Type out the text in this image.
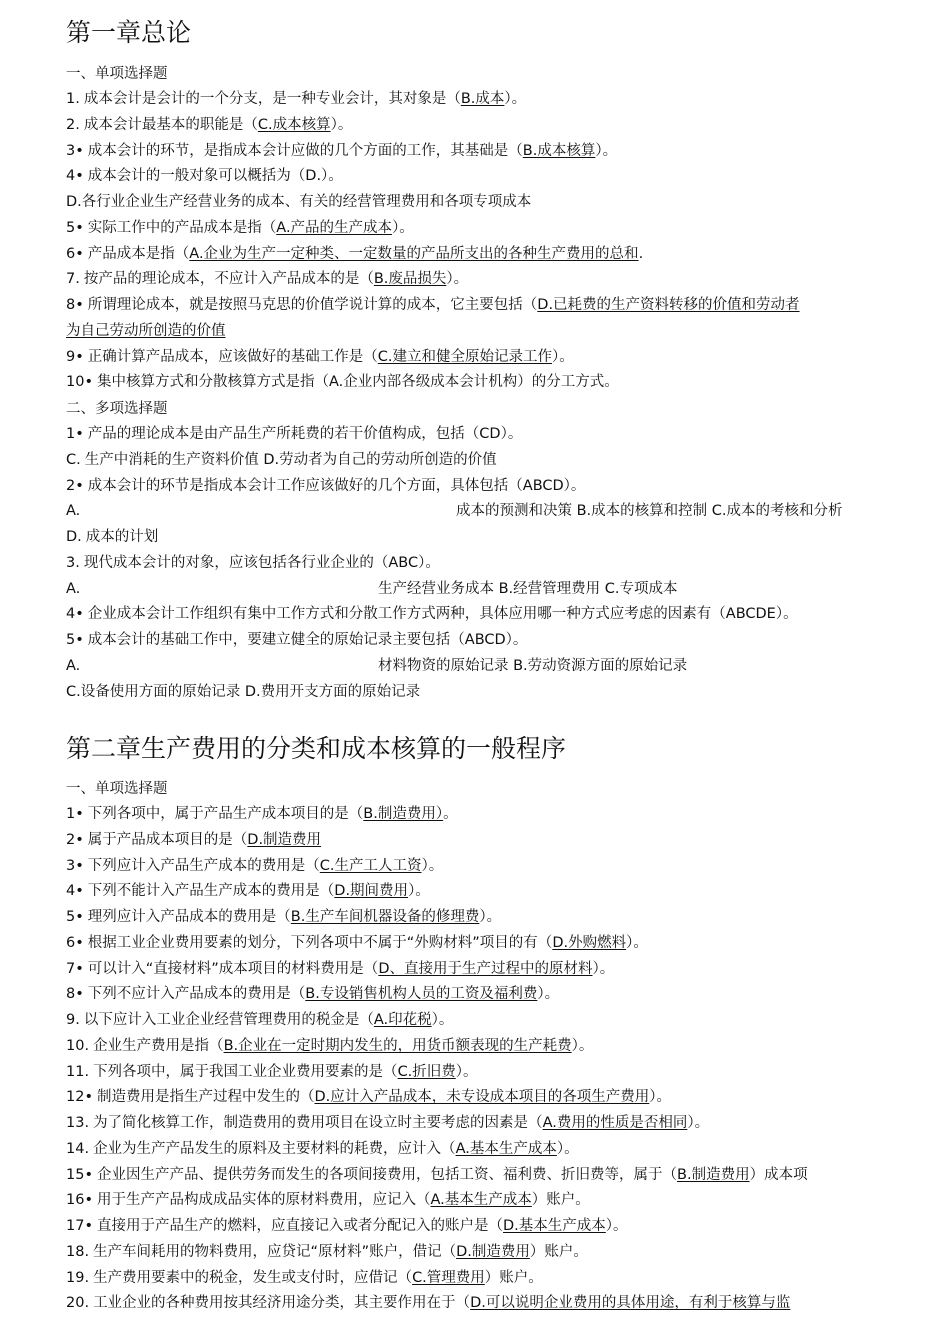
第一章总论
一、单项选择题
1. 成本会计是会计的一个分支，是一种专业会计，其对象是（B.成本）。
2. 成本会计最基本的职能是（C.成本核算）。
3• 成本会计的环节，是指成本会计应做的几个方面的工作，其基础是（B.成本核算）。
4• 成本会计的一般对象可以概括为（D.）。
D.各行业企业生产经营业务的成本、有关的经营管理费用和各项专项成本
5• 实际工作中的产品成本是指（A.产品的生产成本）。
6• 产品成本是指（A.企业为生产一定种类、一定数量的产品所支出的各种生产费用的总和.
7. 按产品的理论成本，不应计入产品成本的是（B.废品损失）。
8• 所谓理论成本，就是按照马克思的价值学说计算的成本，它主要包括（D.已耗费的生产资料转移的价值和劳动者
为自己劳动所创造的价值
9• 正确计算产品成本，应该做好的基础工作是（C.建立和健全原始记录工作）。
10• 集中核算方式和分散核算方式是指（A.企业内部各级成本会计机构）的分工方式。
二、多项选择题
1• 产品的理论成本是由产品生产所耗费的若干价值构成，包括（CD）。
C. 生产中消耗的生产资料价值 D.劳动者为自己的劳动所创造的价值
2• 成本会计的环节是指成本会计工作应该做好的几个方面，具体包括（ABCD）。
A.	成本的预测和决策 B.成本的核算和控制 C.成本的考核和分析
D. 成本的计划
3. 现代成本会计的对象，应该包括各行业企业的（ABC）。
A.	生产经营业务成本 B.经营管理费用 C.专项成本
4• 企业成本会计工作组织有集中工作方式和分散工作方式两种，具体应用哪一种方式应考虑的因素有（ABCDE）。
5• 成本会计的基础工作中，要建立健全的原始记录主要包括（ABCD）。
A.	材料物资的原始记录 B.劳动资源方面的原始记录
C.设备使用方面的原始记录 D.费用开支方面的原始记录
第二章生产费用的分类和成本核算的一般程序
一、单项选择题
1• 下列各项中，属于产品生产成本项目的是（B.制造费用）。
2• 属于产品成本项目的是（D.制造费用
3• 下列应计入产品生产成本的费用是（C.生产工人工资）。
4• 下列不能计入产品生产成本的费用是（D.期间费用）。
5• 理列应计入产品成本的费用是（B.生产车间机器设备的修理费）。
6• 根据工业企业费用要素的划分，下列各项中不属于“外购材料”项目的有（D.外购燃料）。
7• 可以计入“直接材料”成本项目的材料费用是（D、直接用于生产过程中的原材料）。
8• 下列不应计入产品成本的费用是（B.专设销售机构人员的工资及福利费）。
9. 以下应计入工业企业经营管理费用的税金是（A.印花税）。
10. 企业生产费用是指（B.企业在一定时期内发生的，用货币额表现的生产耗费）。
11. 下列各项中，属于我国工业企业费用要素的是（C.折旧费）。
12• 制造费用是指生产过程中发生的（D.应计入产品成本，未专设成本项目的各项生产费用）。
13. 为了简化核算工作，制造费用的费用项目在设立时主要考虑的因素是（A.费用的性质是否相同）。
14. 企业为生产产品发生的原料及主要材料的耗费，应计入（A.基本生产成本）。
15• 企业因生产产品、提供劳务而发生的各项间接费用，包括工资、福利费、折旧费等，属于（B.制造费用）成本项
16• 用于生产产品构成成品实体的原材料费用，应记入（A.基本生产成本）账户。
17• 直接用于产品生产的燃料，应直接记入或者分配记入的账户是（D.基本生产成本）。
18. 生产车间耗用的物料费用，应贷记“原材料”账户，借记（D.制造费用）账户。
19. 生产费用要素中的税金，发生或支付时，应借记（C.管理费用）账户。
20. 工业企业的各种费用按其经济用途分类，其主要作用在于（D.可以说明企业费用的具体用途，有利于核算与监
